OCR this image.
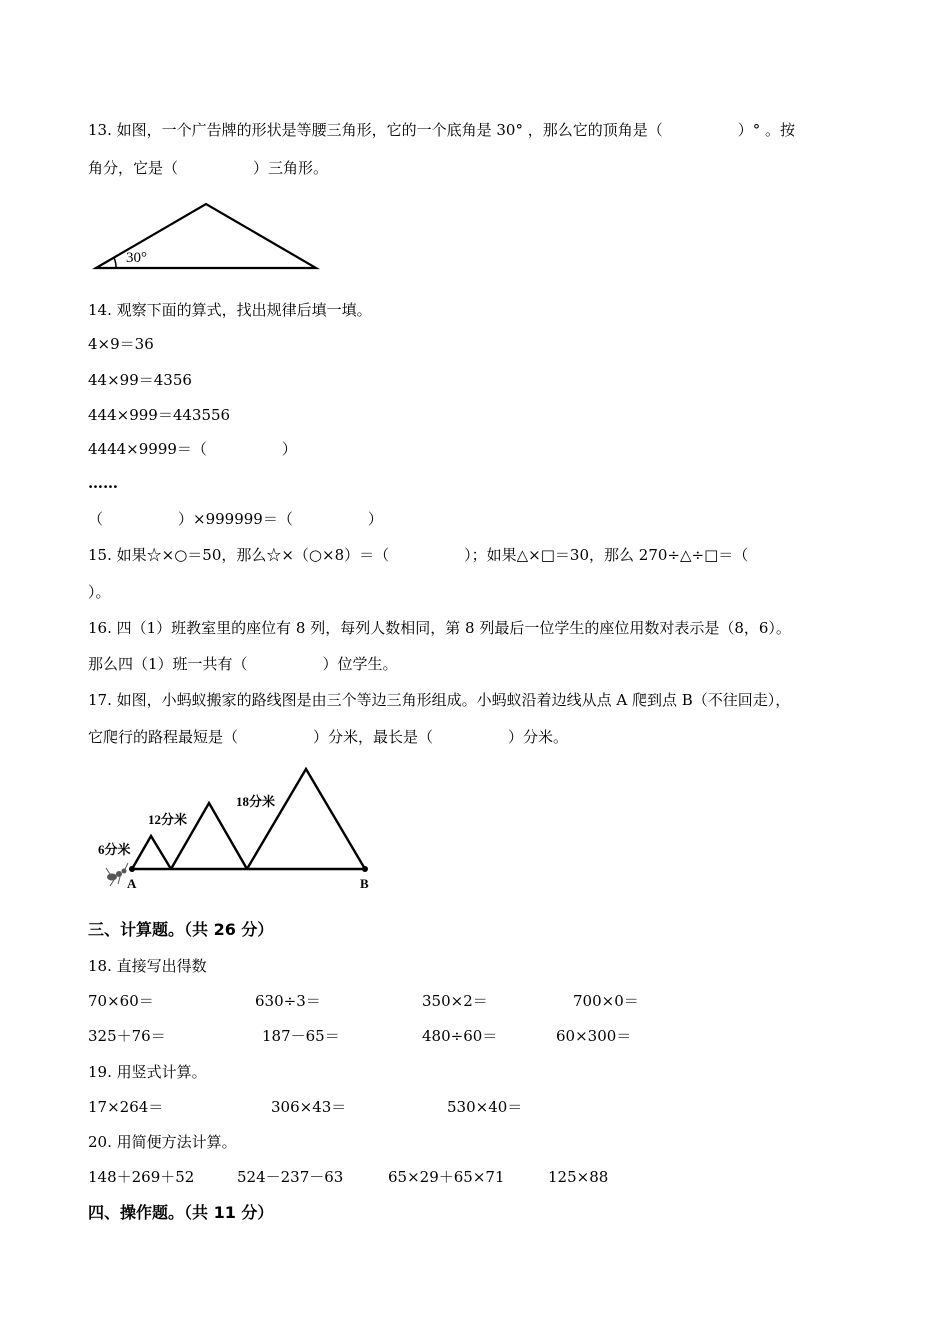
13. 如图，一个广告牌的形状是等腰三角形，它的一个底角是 30° ，那么它的顶角是（　　　　　）° 。按
角分，它是（　　　　　）三角形。
30°
14. 观察下面的算式，找出规律后填一填。
4×9＝36
44×99＝4356
444×999＝443556
4444×9999＝（　　　　　）
……
（　　　　　）×999999＝（　　　　　）
15. 如果☆×○＝50，那么☆×（○×8）＝（　　　　　）；如果△×□＝30，那么 270÷△÷□＝（
）。
16. 四（1）班教室里的座位有 8 列，每列人数相同，第 8 列最后一位学生的座位用数对表示是（8，6）。
那么四（1）班一共有（　　　　　）位学生。
17. 如图，小蚂蚁搬家的路线图是由三个等边三角形组成。小蚂蚁沿着边线从点 A 爬到点 B（不往回走），
它爬行的路程最短是（　　　　　）分米，最长是（　　　　　）分米。
6分米
12分米
18分米
A	B
三、计算题。（共 26 分）
18. 直接写出得数
70×60＝	630÷3＝	350×2＝	700×0＝
325＋76＝	187－65＝	480÷60＝	60×300＝
19. 用竖式计算。
17×264＝	306×43＝	530×40＝
20. 用简便方法计算。
148＋269＋52	524－237－63	65×29＋65×71	125×88
四、操作题。（共 11 分）
